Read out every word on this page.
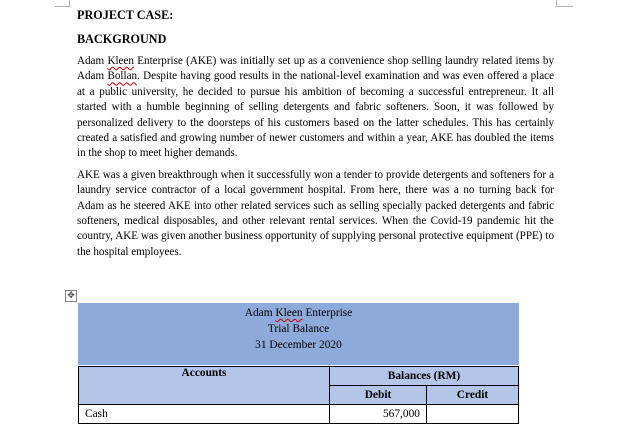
PROJECT CASE:
BACKGROUND

Adam Kleen Enterprise (AKE) was initially set up as a convenience shop selling laundry related items by Adam Bollan. Despite having good results in the national-level examination and was even offered a place at a public university, he decided to pursue his ambition of becoming a successful entrepreneur. It all started with a humble beginning of selling detergents and fabric softeners. Soon, it was followed by personalized delivery to the doorsteps of his customers based on the latter schedules. This has certainly created a satisfied and growing number of newer customers and within a year, AKE has doubled the items in the shop to meet higher demands.

AKE was a given breakthrough when it successfully won a tender to provide detergents and softeners for a laundry service contractor of a local government hospital. From here, there was a no turning back for Adam as he steered AKE into other related services such as selling specially packed detergents and fabric softeners, medical disposables, and other relevant rental services. When the Covid-19 pandemic hit the country, AKE was given another business opportunity of supplying personal protective equipment (PPE) to the hospital employees.

✥
Adam Kleen Enterprise
Trial Balance
31 December 2020
Accounts	Balances (RM)	
	Debit	Credit
Cash	567,000	
